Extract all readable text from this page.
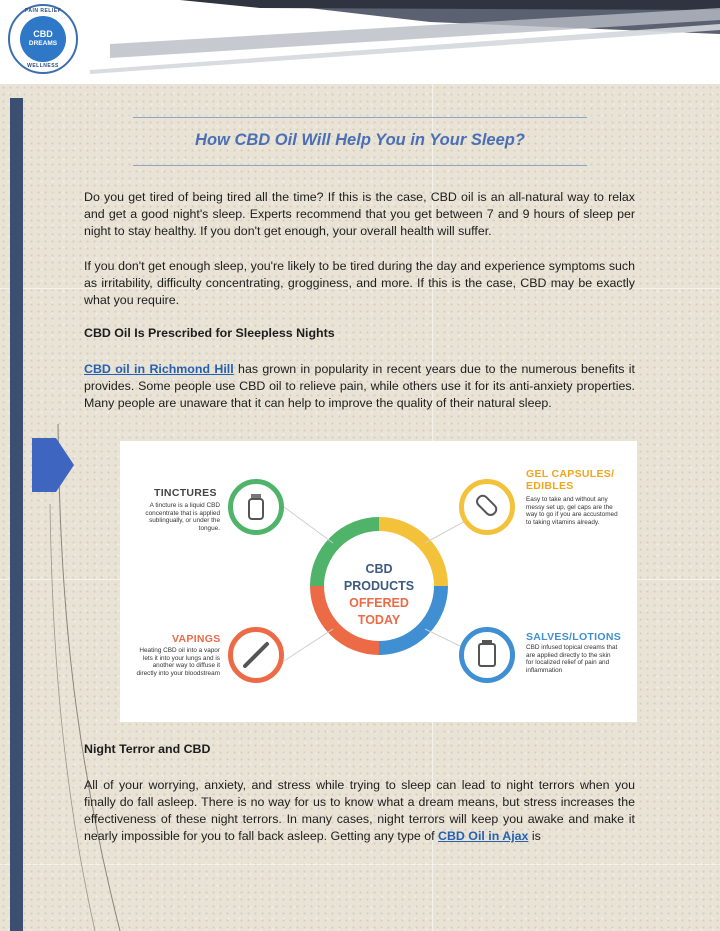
PAIN RELIEF
CBD
DREAMS
WELLNESS
How CBD Oil Will Help You in Your Sleep?

Do you get tired of being tired all the time? If this is the case, CBD oil is an all-natural way to relax and get a good night's sleep. Experts recommend that you get between 7 and 9 hours of sleep per night to stay healthy. If you don't get enough, your overall health will suffer.

If you don't get enough sleep, you're likely to be tired during the day and experience symptoms such as irritability, difficulty concentrating, grogginess, and more. If this is the case, CBD may be exactly what you require.

CBD Oil Is Prescribed for Sleepless Nights

CBD oil in Richmond Hill has grown in popularity in recent years due to the numerous benefits it provides. Some people use CBD oil to relieve pain, while others use it for its anti-anxiety properties. Many people are unaware that it can help to improve the quality of their natural sleep.

CBD PRODUCTS
OFFERED TODAY
TINCTURES
A tincture is a liquid CBD concentrate that is applied sublingually, or under the tongue.
GEL CAPSULES/
EDIBLES
Easy to take and without any messy set up, gel caps are the way to go if you are accustomed to taking vitamins already.
VAPINGS
Heating CBD oil into a vapor lets it into your lungs and is another way to diffuse it directly into your bloodstream
SALVES/LOTIONS
CBD infused topical creams that are applied directly to the skin for localized relief of pain and inflammation
Night Terror and CBD

All of your worrying, anxiety, and stress while trying to sleep can lead to night terrors when you finally do fall asleep. There is no way for us to know what a dream means, but stress increases the effectiveness of these night terrors. In many cases, night terrors will keep you awake and make it nearly impossible for you to fall back asleep. Getting any type of CBD Oil in Ajax is
